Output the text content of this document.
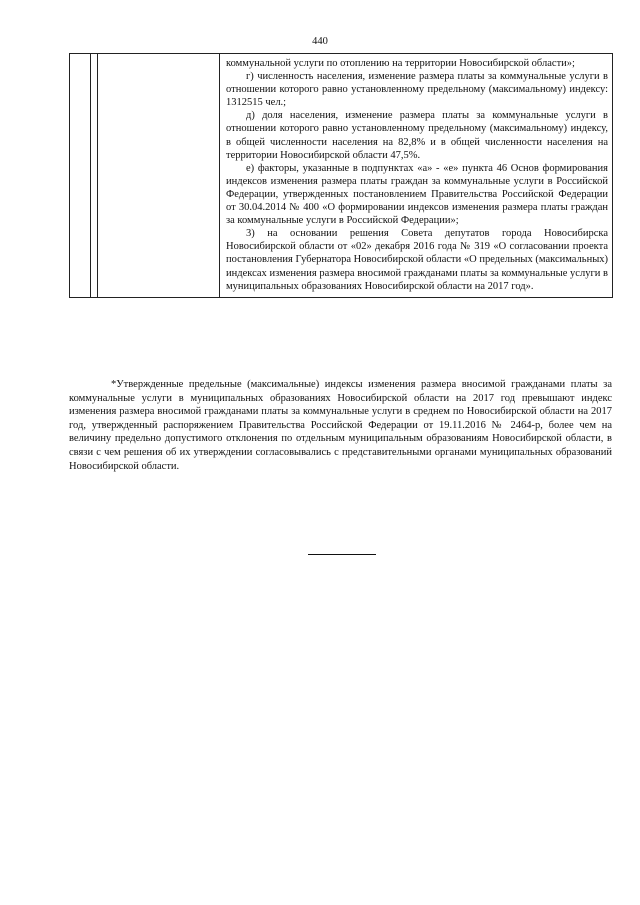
440

коммунальной услуги по отоплению на территории Новосибирской области»;

г) численность населения, изменение размера платы за коммунальные услуги в отношении которого равно установленному предельному (максимальному) индексу: 1312515 чел.;

д) доля населения, изменение размера платы за коммунальные услуги в отношении которого равно установленному предельному (максимальному) индексу, в общей численности населения на 82,8% и в общей численности населения на территории Новосибирской области 47,5%.

е) факторы, указанные в подпунктах «а» - «е» пункта 46 Основ формирования индексов изменения размера платы граждан за коммунальные услуги в Российской Федерации, утвержденных постановлением Правительства Российской Федерации от 30.04.2014 № 400 «О формировании индексов изменения размера платы граждан за коммунальные услуги в Российской Федерации»;

3) на основании решения Совета депутатов города Новосибирска Новосибирской области от «02» декабря 2016 года № 319 «О согласовании проекта постановления Губернатора Новосибирской области «О предельных (максимальных) индексах изменения размера вносимой гражданами платы за коммунальные услуги в муниципальных образованиях Новосибирской области на 2017 год».

*Утвержденные предельные (максимальные) индексы изменения размера вносимой гражданами платы за коммунальные услуги в муниципальных образованиях Новосибирской области на 2017 год превышают индекс изменения размера вносимой гражданами платы за коммунальные услуги в среднем по Новосибирской области на 2017 год, утвержденный распоряжением Правительства Российской Федерации от 19.11.2016 № 2464-р, более чем на величину предельно допустимого отклонения по отдельным муниципальным образованиям Новосибирской области, в связи с чем решения об их утверждении согласовывались с представительными органами муниципальных образований Новосибирской области.
